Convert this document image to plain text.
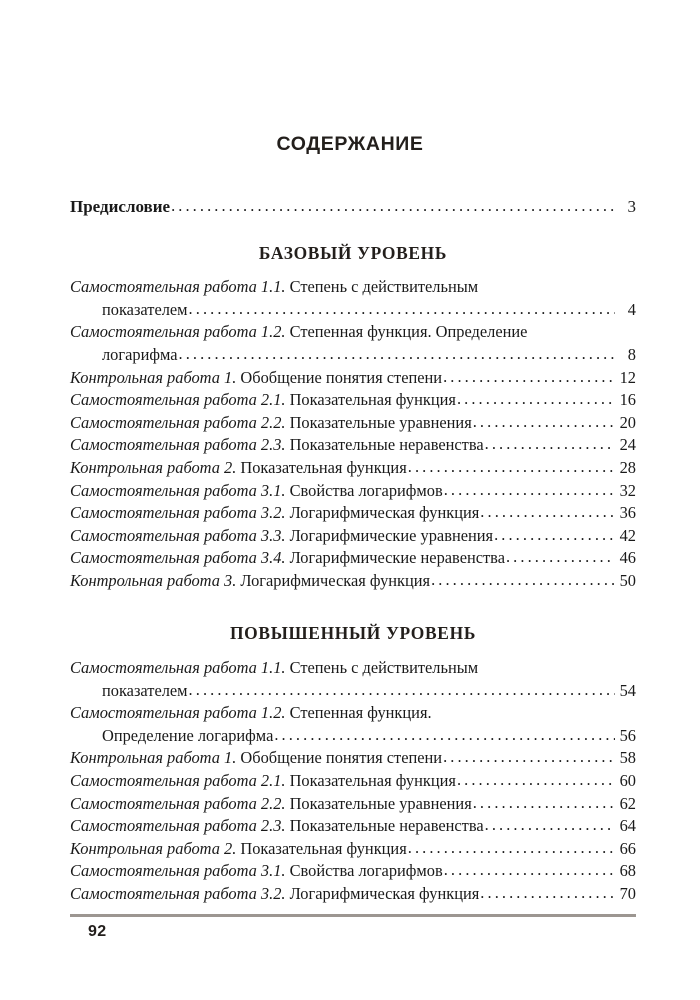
СОДЕРЖАНИЕ
Предисловие .....	3
БАЗОВЫЙ УРОВЕНЬ
Самостоятельная работа 1.1. Степень с действительным
показателем .....	4
Самостоятельная работа 1.2. Степенная функция. Определение
логарифма .....	8
Контрольная работа 1. Обобщение понятия степени .....	12
Самостоятельная работа 2.1. Показательная функция .....	16
Самостоятельная работа 2.2. Показательные уравнения .....	20
Самостоятельная работа 2.3. Показательные неравенства .....	24
Контрольная работа 2. Показательная функция .....	28
Самостоятельная работа 3.1. Свойства логарифмов .....	32
Самостоятельная работа 3.2. Логарифмическая функция .....	36
Самостоятельная работа 3.3. Логарифмические уравнения .....	42
Самостоятельная работа 3.4. Логарифмические неравенства .....	46
Контрольная работа 3. Логарифмическая функция .....	50
ПОВЫШЕННЫЙ УРОВЕНЬ
Самостоятельная работа 1.1. Степень с действительным
показателем .....	54
Самостоятельная работа 1.2. Степенная функция.
Определение логарифма .....	56
Контрольная работа 1. Обобщение понятия степени .....	58
Самостоятельная работа 2.1. Показательная функция .....	60
Самостоятельная работа 2.2. Показательные уравнения .....	62
Самостоятельная работа 2.3. Показательные неравенства .....	64
Контрольная работа 2. Показательная функция .....	66
Самостоятельная работа 3.1. Свойства логарифмов .....	68
Самостоятельная работа 3.2. Логарифмическая функция .....	70
92
